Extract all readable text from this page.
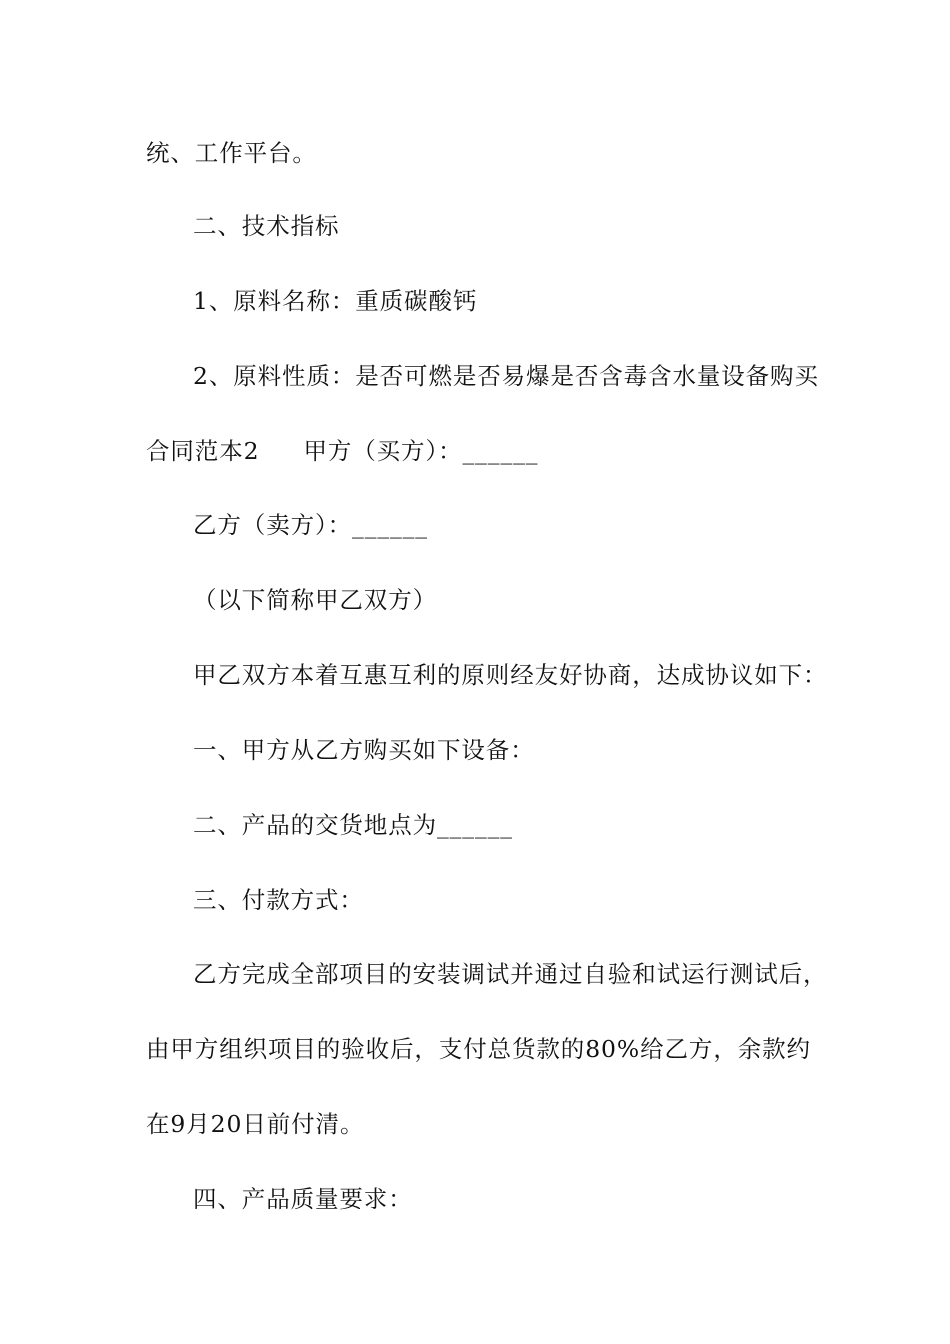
统、工作平台。
二、技术指标
1、原料名称：重质碳酸钙
2、原料性质：是否可燃是否易爆是否含毒含水量设备购买
合同范本2 甲方（买方）：______
乙方（卖方）：______
（以下简称甲乙双方）
甲乙双方本着互惠互利的原则经友好协商，达成协议如下：
一、甲方从乙方购买如下设备：
二、产品的交货地点为______
三、付款方式：
乙方完成全部项目的安装调试并通过自验和试运行测试后，
由甲方组织项目的验收后，支付总货款的80%给乙方，余款约
在9月20日前付清。
四、产品质量要求：
